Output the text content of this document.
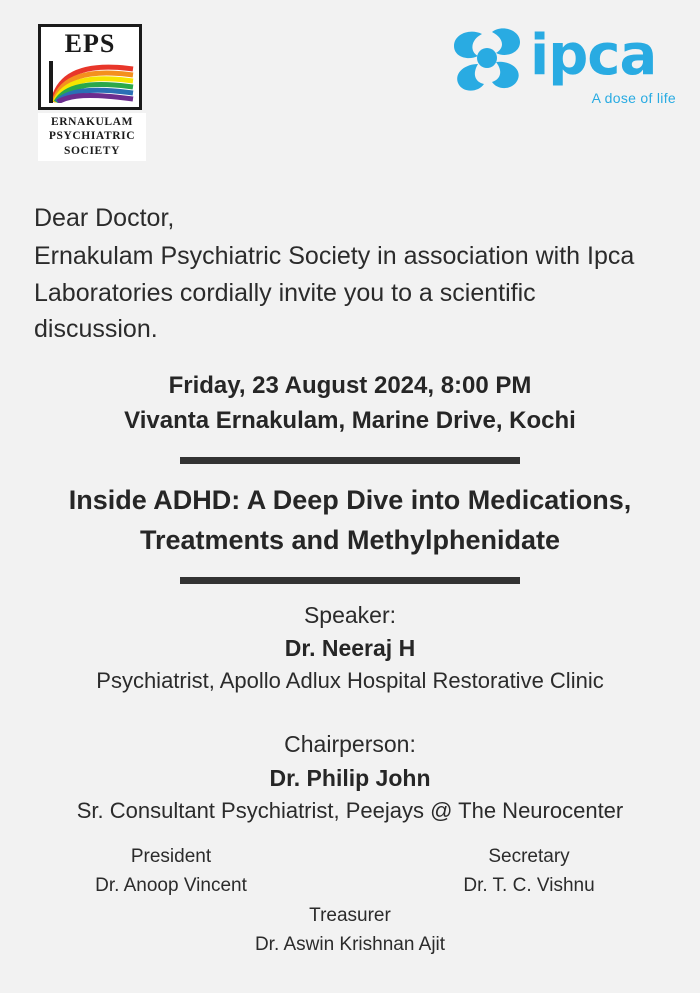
EPS
ERNAKULAM PSYCHIATRIC SOCIETY
ipca
A dose of life

Dear Doctor,

Ernakulam Psychiatric Society in association with Ipca Laboratories cordially invite you to a scientific discussion.

Friday, 23 August 2024, 8:00 PM
Vivanta Ernakulam, Marine Drive, Kochi
Inside ADHD: A Deep Dive into Medications, Treatments and Methylphenidate
Speaker:
Dr. Neeraj H
Psychiatrist, Apollo Adlux Hospital Restorative Clinic
Chairperson:
Dr. Philip John
Sr. Consultant Psychiatrist, Peejays @ The Neurocenter
President
Dr. Anoop Vincent
Secretary
Dr. T. C. Vishnu
Treasurer
Dr. Aswin Krishnan Ajit
